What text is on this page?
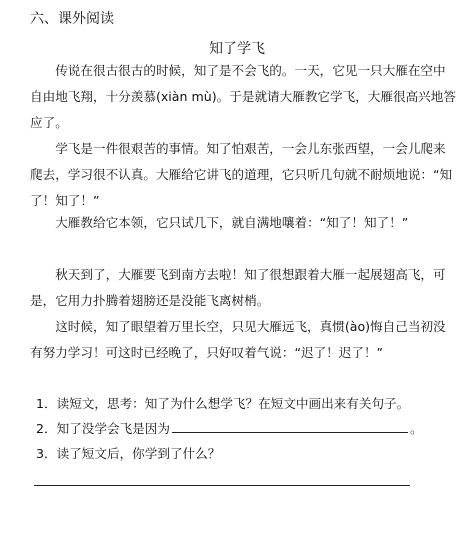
六、课外阅读
知了学飞

传说在很古很古的时候，知了是不会飞的。一天，它见一只大雁在空中自由地飞翔，十分羡慕(xiàn mù)。于是就请大雁教它学飞，大雁很高兴地答应了。

学飞是一件很艰苦的事情。知了怕艰苦，一会儿东张西望，一会儿爬来爬去，学习很不认真。大雁给它讲飞的道理，它只听几句就不耐烦地说：“知了！知了！”

大雁教给它本领，它只试几下，就自满地嚷着：“知了！知了！”

秋天到了，大雁要飞到南方去啦！知了很想跟着大雁一起展翅高飞，可是，它用力扑腾着翅膀还是没能飞离树梢。

这时候，知了眼望着万里长空，只见大雁远飞，真惯(ào)悔自己当初没有努力学习！可这时已经晚了，只好叹着气说：“迟了！迟了！”

1．读短文，思考：知了为什么想学飞？在短文中画出来有关句子。
2．知了没学会飞是因为	。
3．读了短文后，你学到了什么？
